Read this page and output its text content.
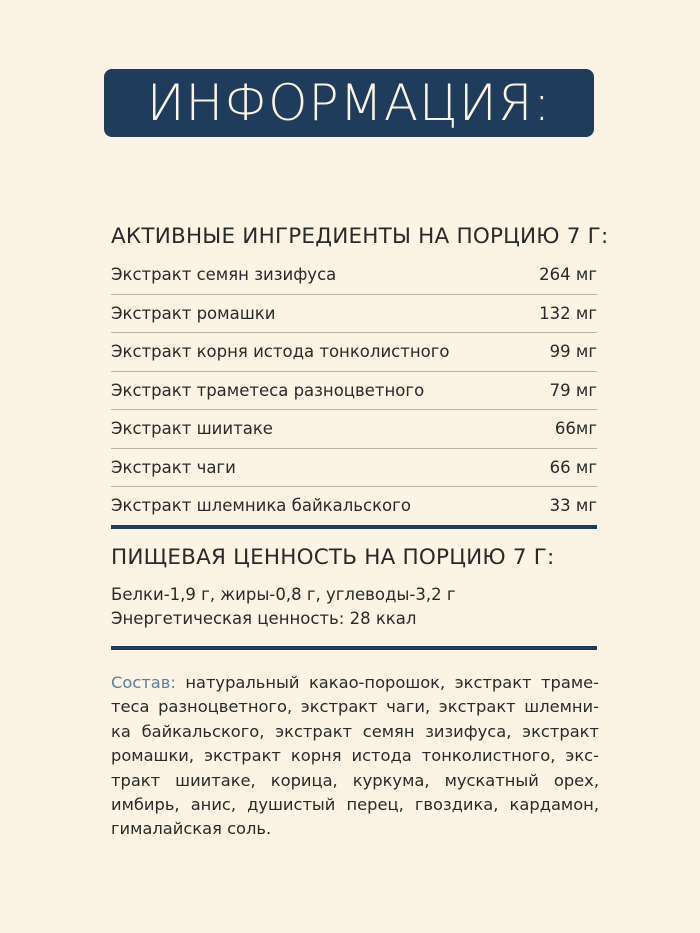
ИНФОРМАЦИЯ:
АКТИВНЫЕ ИНГРЕДИЕНТЫ НА ПОРЦИЮ 7 Г:
Экстракт семян зизифуса	264 мг
Экстракт ромашки	132 мг
Экстракт корня истода тонколистного	99 мг
Экстракт траметеса разноцветного	79 мг
Экстракт шиитаке	66мг
Экстракт чаги	66 мг
Экстракт шлемника байкальского	33 мг
ПИЩЕВАЯ ЦЕННОСТЬ НА ПОРЦИЮ 7 Г:
Белки-1,9 г, жиры-0,8 г, углеводы-3,2 г
Энергетическая ценность: 28 ккал
Состав: натуральный какао-порошок, экстракт траме-
теса разноцветного, экстракт чаги, экстракт шлемни-
ка байкальского, экстракт семян зизифуса, экстракт
ромашки, экстракт корня истода тонколистного, экс-
тракт шиитаке, корица, куркума, мускатный орех,
имбирь, анис, душистый перец, гвоздика, кардамон,
гималайская соль.
